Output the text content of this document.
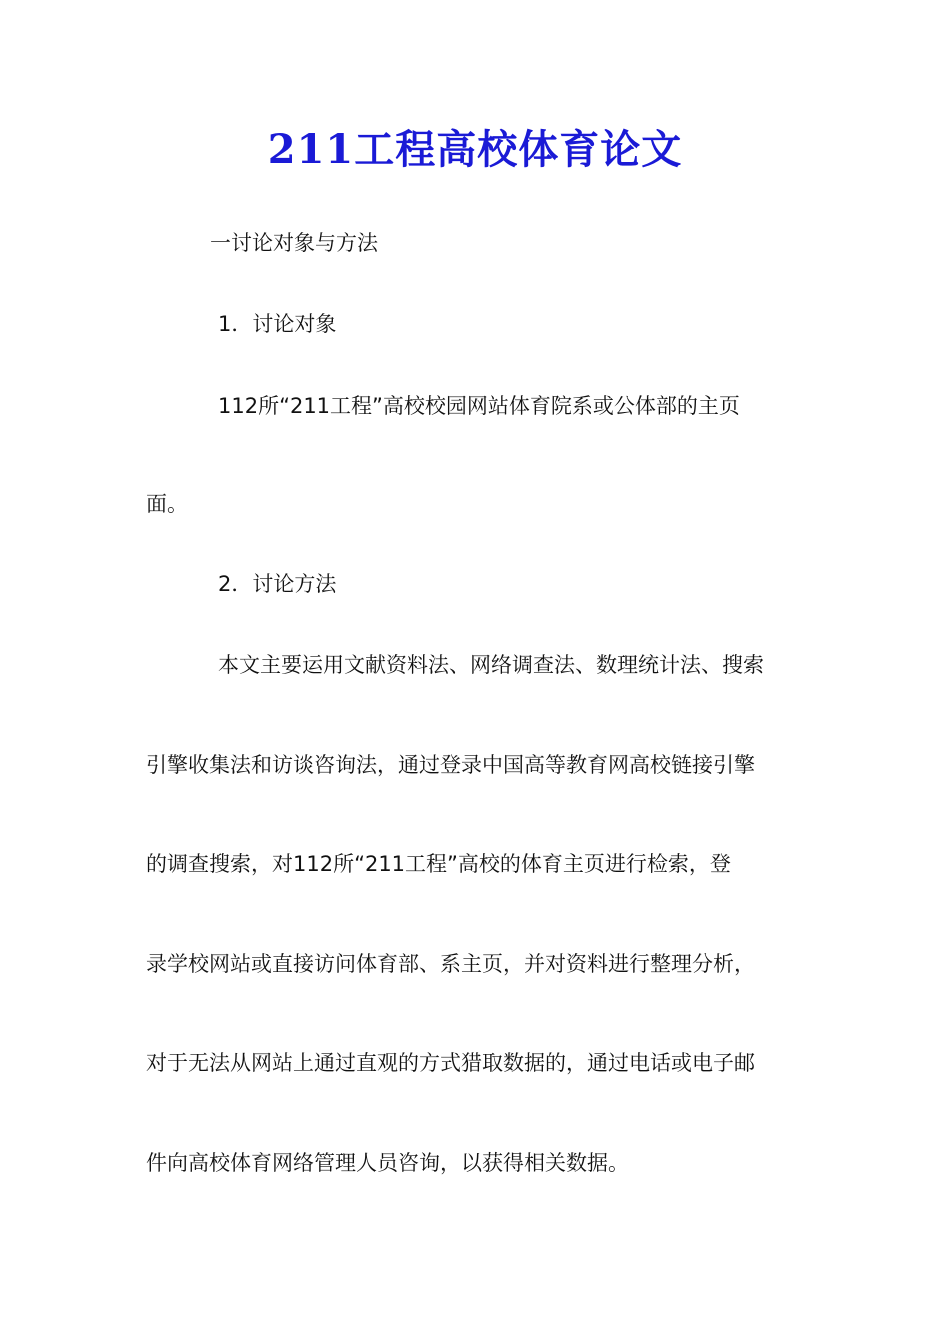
211工程高校体育论文
一讨论对象与方法
1．讨论对象
112所“211工程”高校校园网站体育院系或公体部的主页
面。
2．讨论方法
本文主要运用文献资料法、网络调查法、数理统计法、搜索
引擎收集法和访谈咨询法，通过登录中国高等教育网高校链接引擎
的调查搜索，对112所“211工程”高校的体育主页进行检索，登
录学校网站或直接访问体育部、系主页，并对资料进行整理分析，
对于无法从网站上通过直观的方式猎取数据的，通过电话或电子邮
件向高校体育网络管理人员咨询，以获得相关数据。
